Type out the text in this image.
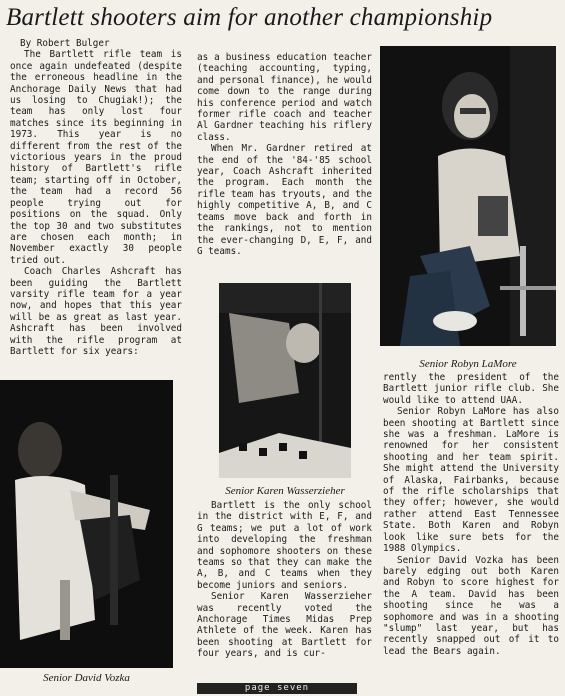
Bartlett shooters aim for another championship

By Robert Bulger

The Bartlett rifle team is once again undefeated (despite the erroneous headline in the Anchorage Daily News that had us losing to Chugiak!); the team has only lost four matches since its beginning in 1973. This year is no different from the rest of the victorious years in the proud history of Bartlett's rifle team; starting off in October, the team had a record 56 people trying out for positions on the squad. Only the top 30 and two substitutes are chosen each month; in November exactly 30 people tried out.

Coach Charles Ashcraft has been guiding the Bartlett varsity rifle team for a year now, and hopes that this year will be as great as last year. Ashcraft has been involved with the rifle program at Bartlett for six years:

as a business education teacher (teaching accounting, typing, and personal finance), he would come down to the range during his conference period and watch former rifle coach and teacher Al Gardner teaching his riflery class.

When Mr. Gardner retired at the end of the '84-'85 school year, Coach Ashcraft inherited the program. Each month the rifle team has tryouts, and the highly competitive A, B, and C teams move back and forth in the rankings, not to mention the ever-changing D, E, F, and G teams.

Senior Robyn LaMore
Senior Karen Wasserzieher

Bartlett is the only school in the district with E, F, and G teams; we put a lot of work into developing the freshman and sophomore shooters on these teams so that they can make the A, B, and C teams when they become juniors and seniors.

Senior Karen Wasserzieher was recently voted the Anchorage Times Midas Prep Athlete of the week. Karen has been shooting at Bartlett for four years, and is cur-

rently the president of the Bartlett junior rifle club. She would like to attend UAA.

Senior Robyn LaMore has also been shooting at Bartlett since she was a freshman. LaMore is renowned for her consistent shooting and her team spirit. She might attend the University of Alaska, Fairbanks, because of the rifle scholarships that they offer; however, she would rather attend East Tennessee State. Both Karen and Robyn look like sure bets for the 1988 Olympics.

Senior David Vozka has been barely edging out both Karen and Robyn to score highest for the A team. David has been shooting since he was a sophomore and was in a shooting "slump" last year, but has recently snapped out of it to lead the Bears again.

Senior David Vozka
page seven
